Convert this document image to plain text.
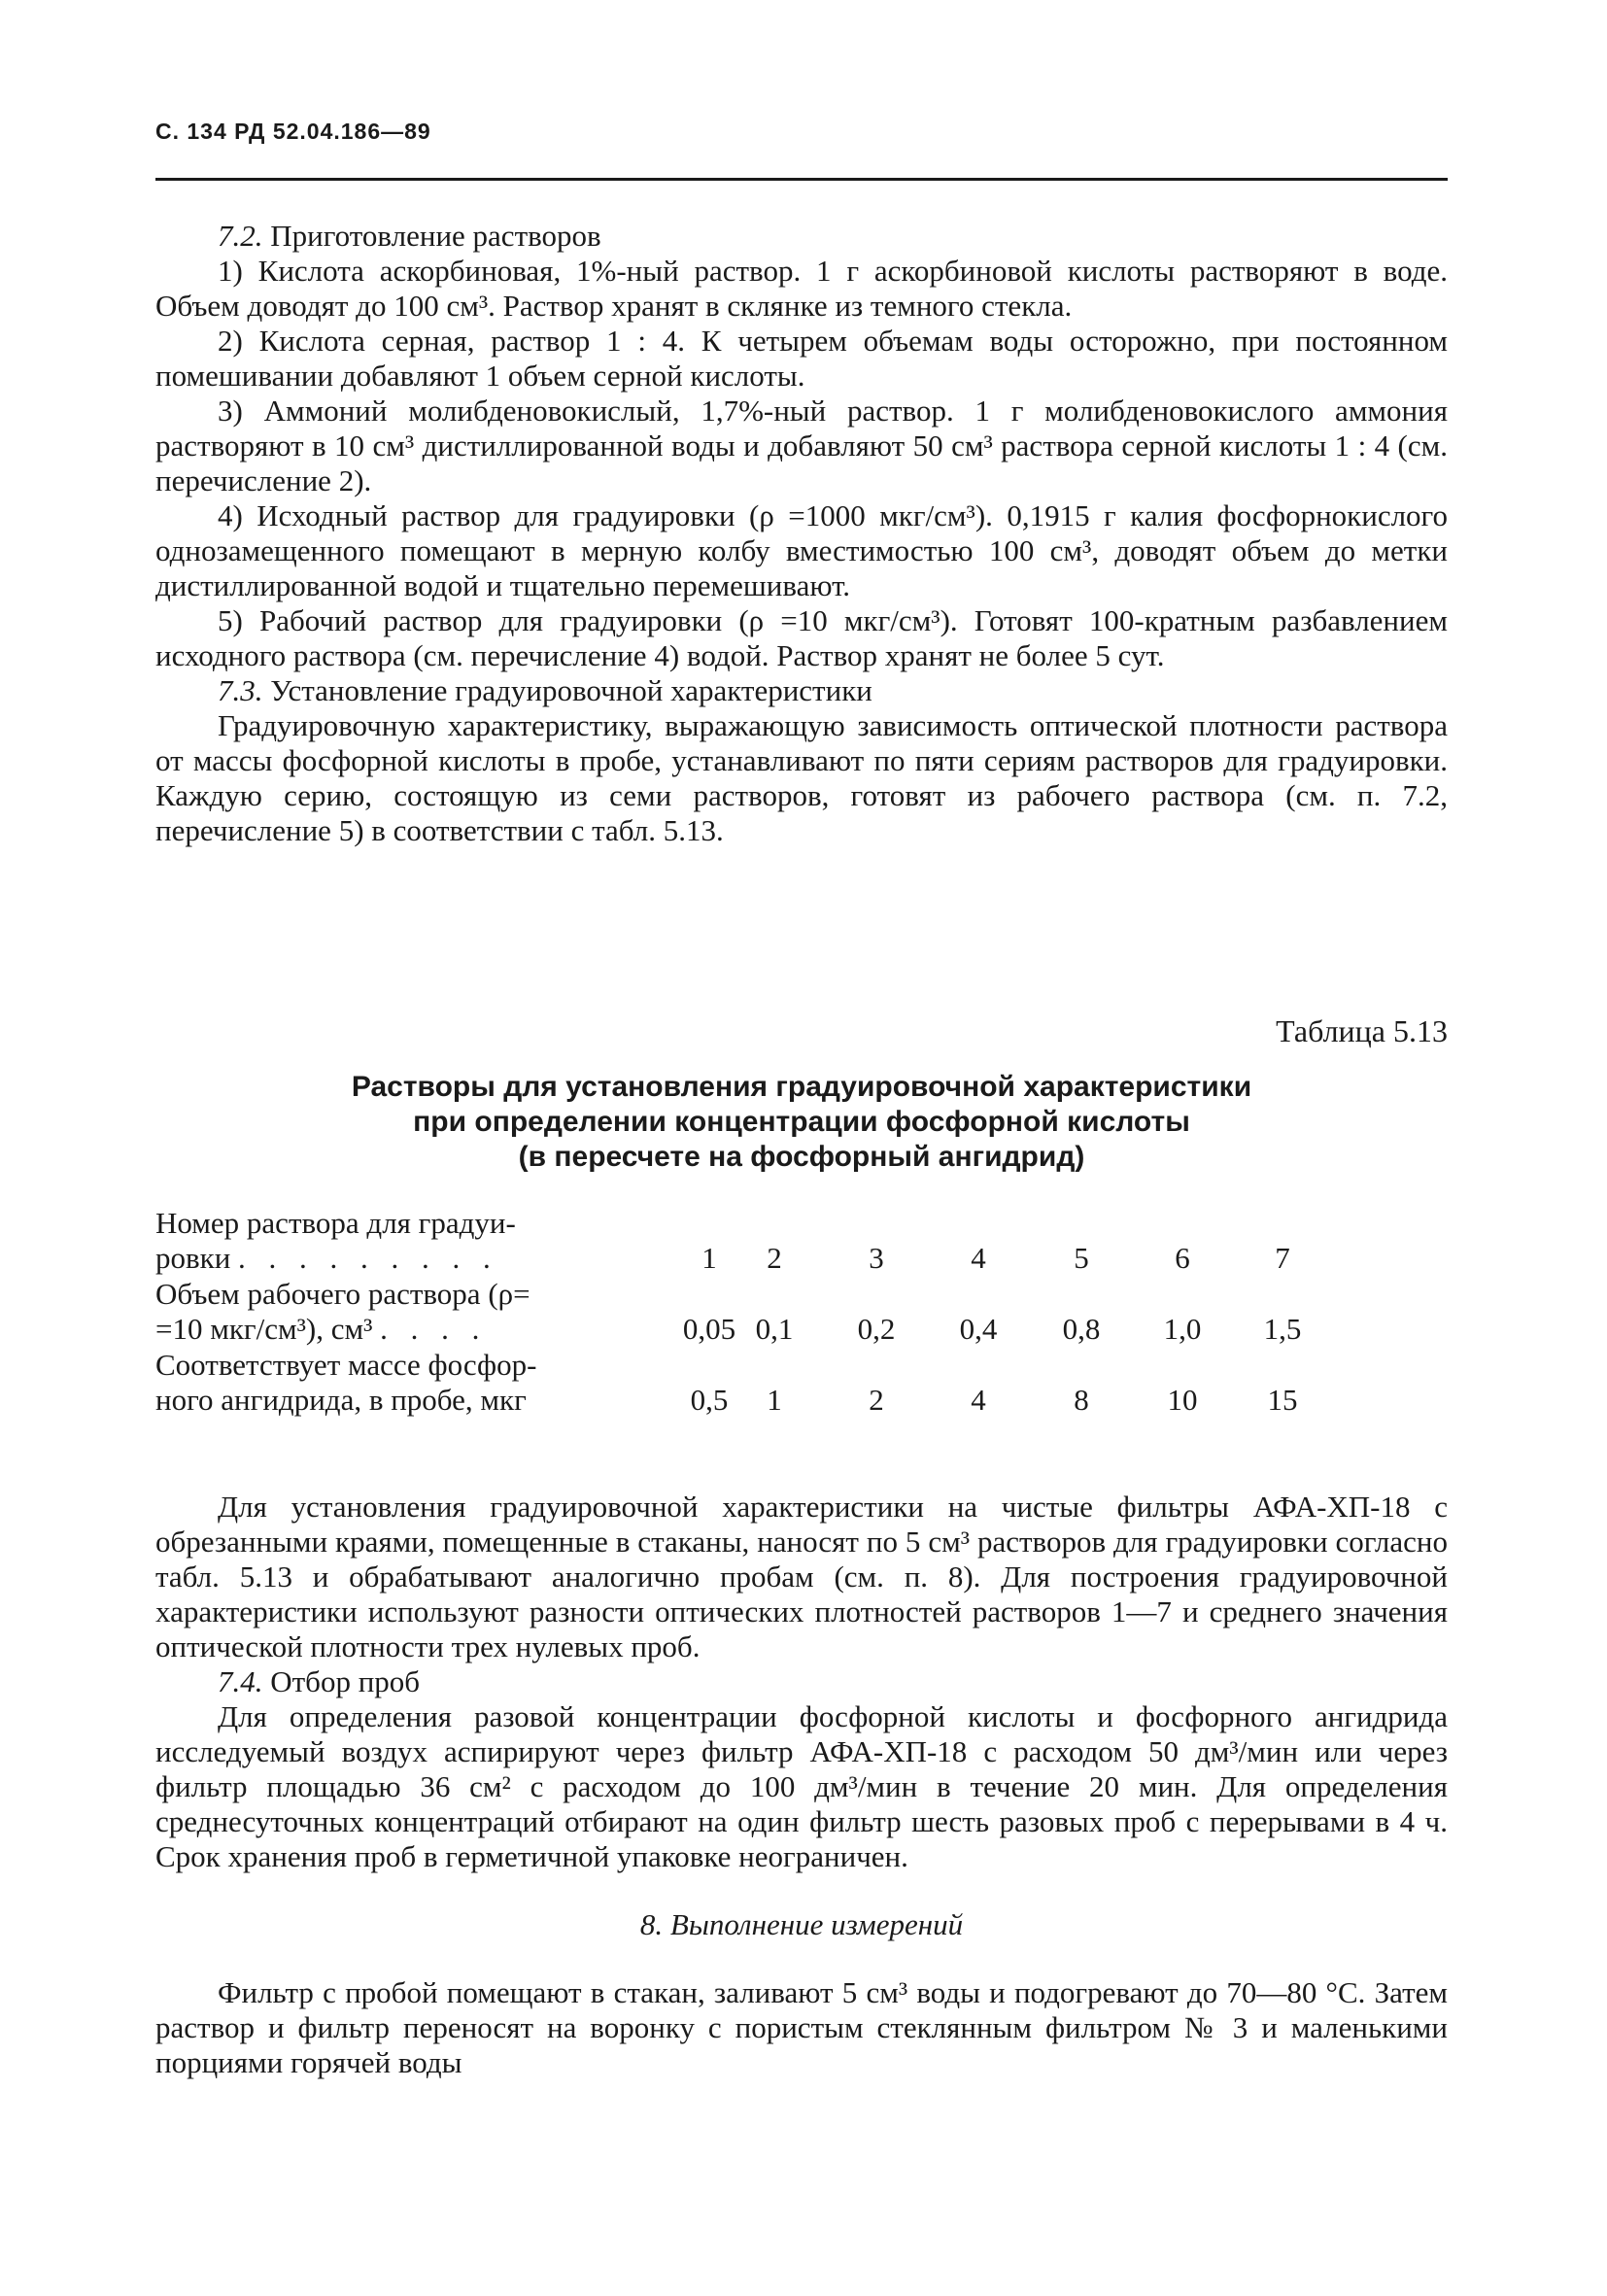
С. 134 РД 52.04.186—89

7.2. Приготовление растворов

1) Кислота аскорбиновая, 1%-ный раствор. 1 г аскорбиновой кислоты растворяют в воде. Объем доводят до 100 см³. Раствор хранят в склянке из темного стекла.

2) Кислота серная, раствор 1 : 4. К четырем объемам воды осторожно, при постоянном помешивании добавляют 1 объем серной кислоты.

3) Аммоний молибденовокислый, 1,7%-ный раствор. 1 г молибденовокислого аммония растворяют в 10 см³ дистиллированной воды и добавляют 50 см³ раствора серной кислоты 1 : 4 (см. перечисление 2).

4) Исходный раствор для градуировки (ρ =1000 мкг/см³). 0,1915 г калия фосфорнокислого однозамещенного помещают в мерную колбу вместимостью 100 см³, доводят объем до метки дистиллированной водой и тщательно перемешивают.

5) Рабочий раствор для градуировки (ρ =10 мкг/см³). Готовят 100-кратным разбавлением исходного раствора (см. перечисление 4) водой. Раствор хранят не более 5 сут.

7.3. Установление градуировочной характеристики

Градуировочную характеристику, выражающую зависимость оптической плотности раствора от массы фосфорной кислоты в пробе, устанавливают по пяти сериям растворов для градуировки. Каждую серию, состоящую из семи растворов, готовят из рабочего раствора (см. п. 7.2, перечисление 5) в соответствии с табл. 5.13.

Таблица 5.13
Растворы для установления градуировочной характеристики
при определении концентрации фосфорной кислоты
(в пересчете на фосфорный ангидрид)
Номер раствора для градуи-
ровки . . . . . . . . .	1	2	3	4	5	6	7
Объем рабочего раствора (ρ=
=10 мкг/см³), см³ . . . .	0,05 0,1	0,2	0,4	0,8	1,0	1,5
Соответствует массе фосфор-
ного ангидрида, в пробе, мкг	0,5	1	2	4	8	10	15

Для установления градуировочной характеристики на чистые фильтры АФА-ХП-18 с обрезанными краями, помещенные в стаканы, наносят по 5 см³ растворов для градуировки согласно табл. 5.13 и обрабатывают аналогично пробам (см. п. 8). Для построения градуировочной характеристики используют разности оптических плотностей растворов 1—7 и среднего значения оптической плотности трех нулевых проб.

7.4. Отбор проб

Для определения разовой концентрации фосфорной кислоты и фосфорного ангидрида исследуемый воздух аспирируют через фильтр АФА-ХП-18 с расходом 50 дм³/мин или через фильтр площадью 36 см² с расходом до 100 дм³/мин в течение 20 мин. Для определения среднесуточных концентраций отбирают на один фильтр шесть разовых проб с перерывами в 4 ч. Срок хранения проб в герметичной упаковке неограничен.

8. Выполнение измерений

Фильтр с пробой помещают в стакан, заливают 5 см³ воды и подогревают до 70—80 °С. Затем раствор и фильтр переносят на воронку с пористым стеклянным фильтром № 3 и маленькими порциями горячей воды
